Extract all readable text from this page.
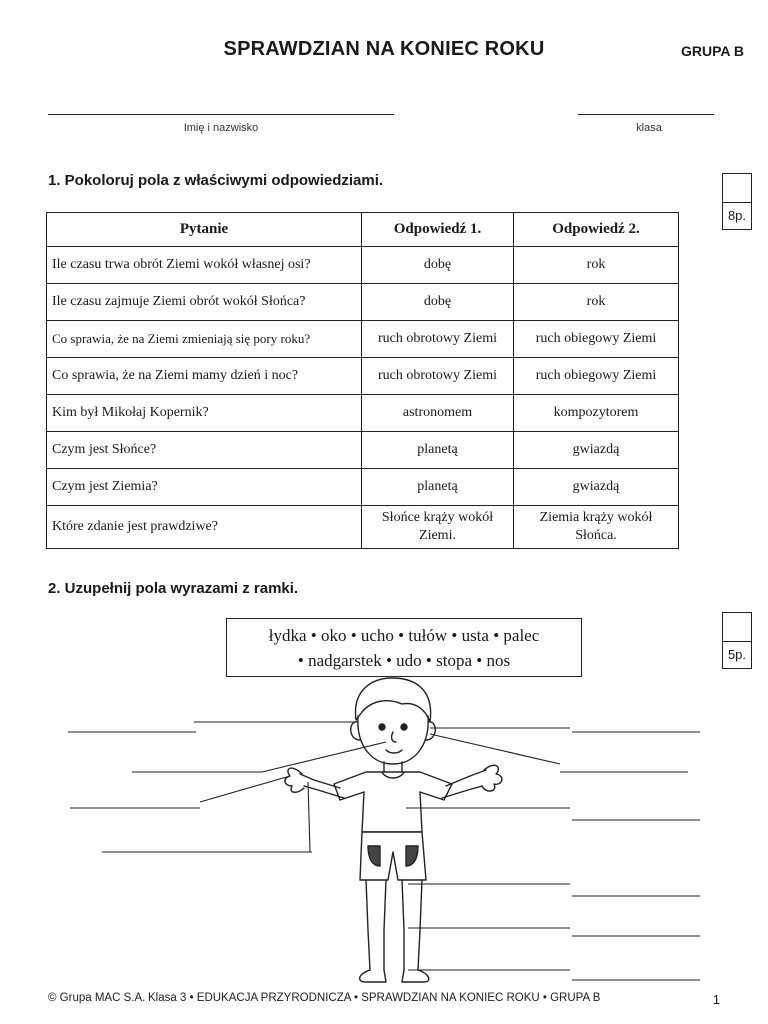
SPRAWDZIAN NA KONIEC ROKU	GRUPA B
Imię i nazwisko	klasa
1. Pokoloruj pola z właściwymi odpowiedziami.
8p.
Pytanie	Odpowiedź 1.	Odpowiedź 2.
Ile czasu trwa obrót Ziemi wokół własnej osi?	dobę	rok
Ile czasu zajmuje Ziemi obrót wokół Słońca?	dobę	rok
Co sprawia, że na Ziemi zmieniają się pory roku?	ruch obrotowy Ziemi	ruch obiegowy Ziemi
Co sprawia, że na Ziemi mamy dzień i noc?	ruch obrotowy Ziemi	ruch obiegowy Ziemi
Kim był Mikołaj Kopernik?	astronomem	kompozytorem
Czym jest Słońce?	planetą	gwiazdą
Czym jest Ziemia?	planetą	gwiazdą
Które zdanie jest prawdziwe?	Słońce krąży wokół Ziemi.	Ziemia krąży wokół Słońca.
2. Uzupełnij pola wyrazami z ramki.
5p.
łydka • oko • ucho • tułów • usta • palec
• nadgarstek • udo • stopa • nos
© Grupa MAC S.A. Klasa 3 • EDUKACJA PRZYRODNICZA • SPRAWDZIAN NA KONIEC ROKU • GRUPA B	1
